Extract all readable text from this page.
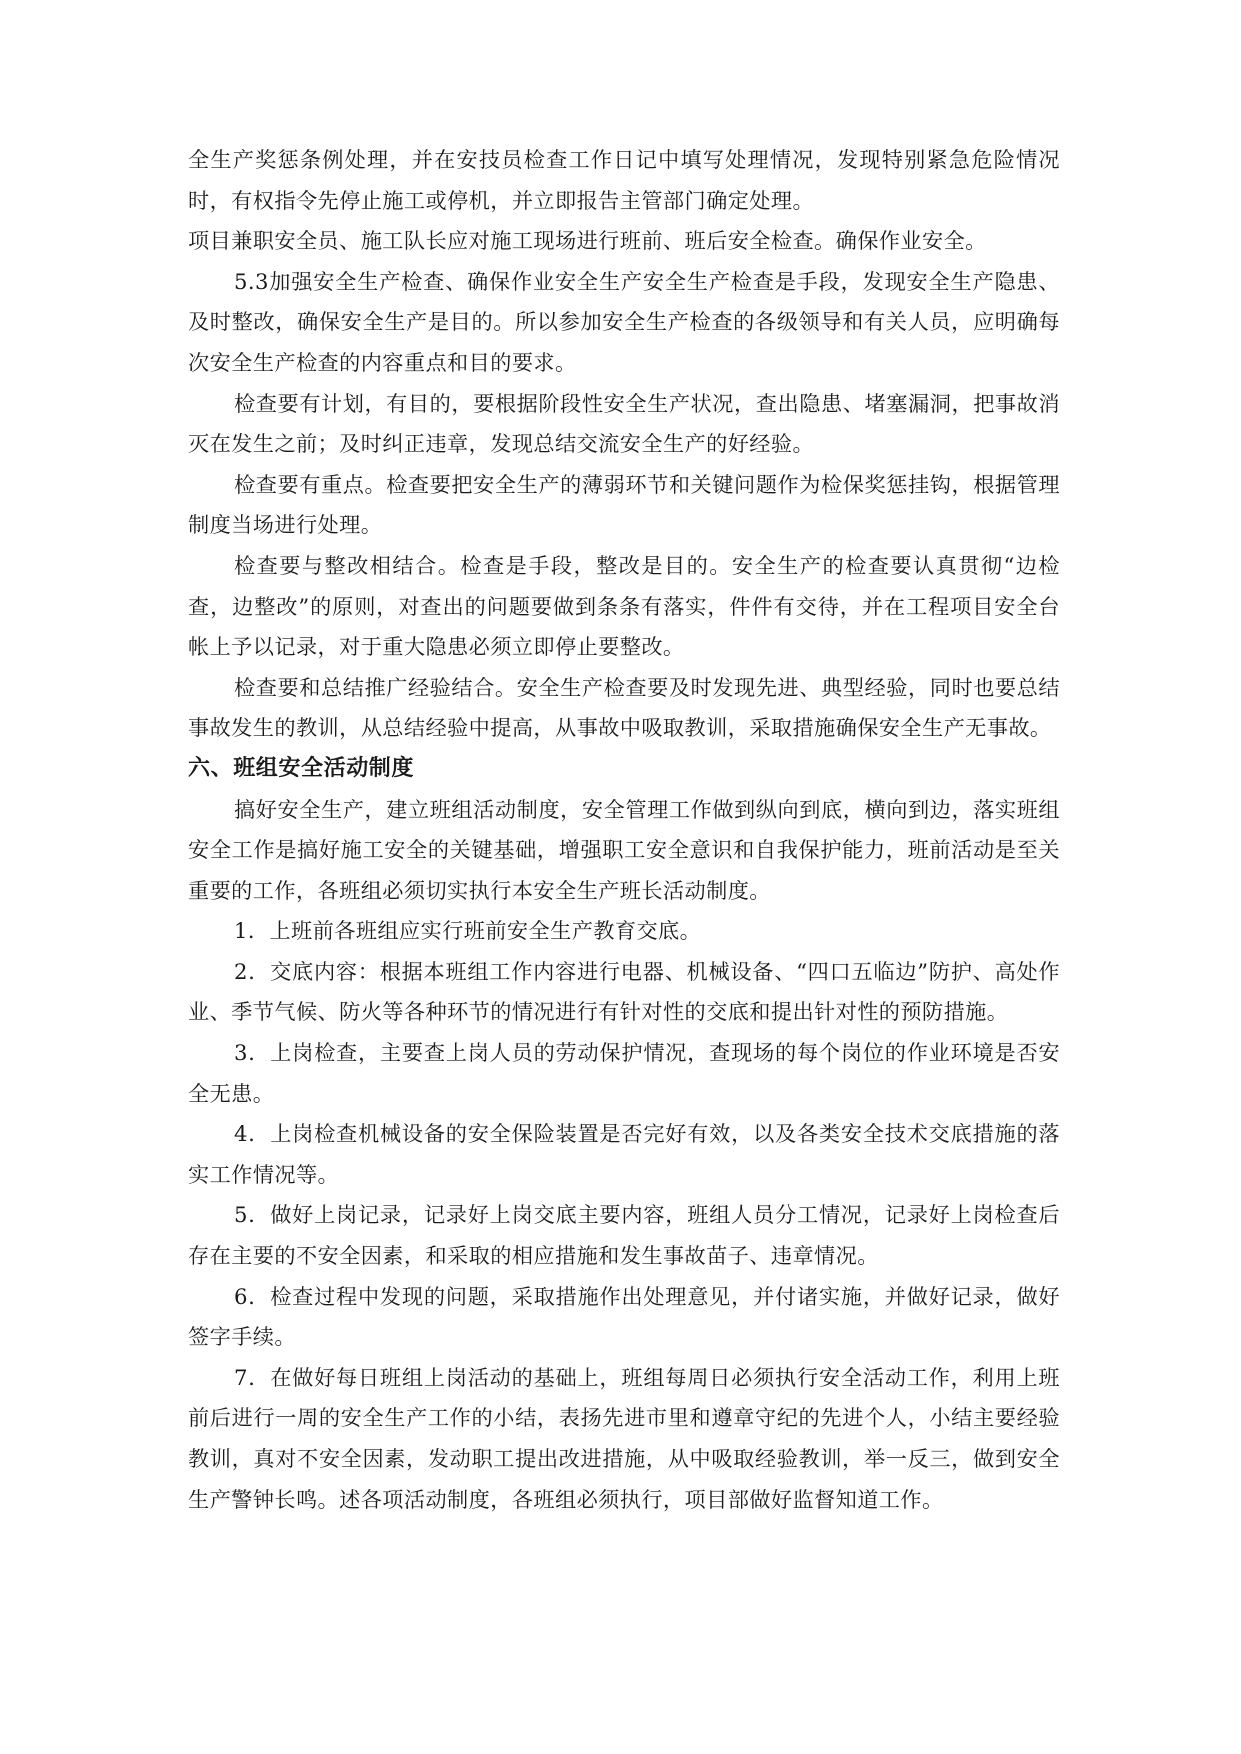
全生产奖惩条例处理，并在安技员检查工作日记中填写处理情况，发现特别紧急危险情况时，有权指令先停止施工或停机，并立即报告主管部门确定处理。

项目兼职安全员、施工队长应对施工现场进行班前、班后安全检查。确保作业安全。

5.3加强安全生产检查、确保作业安全生产安全生产检查是手段，发现安全生产隐患、及时整改，确保安全生产是目的。所以参加安全生产检查的各级领导和有关人员，应明确每次安全生产检查的内容重点和目的要求。

检查要有计划，有目的，要根据阶段性安全生产状况，查出隐患、堵塞漏洞，把事故消灭在发生之前；及时纠正违章，发现总结交流安全生产的好经验。

检查要有重点。检查要把安全生产的薄弱环节和关键问题作为检保奖惩挂钩，根据管理制度当场进行处理。

检查要与整改相结合。检查是手段，整改是目的。安全生产的检查要认真贯彻“边检查，边整改”的原则，对查出的问题要做到条条有落实，件件有交待，并在工程项目安全台帐上予以记录，对于重大隐患必须立即停止要整改。

检查要和总结推广经验结合。安全生产检查要及时发现先进、典型经验，同时也要总结事故发生的教训，从总结经验中提高，从事故中吸取教训，采取措施确保安全生产无事故。

六、班组安全活动制度

搞好安全生产，建立班组活动制度，安全管理工作做到纵向到底，横向到边，落实班组安全工作是搞好施工安全的关键基础，增强职工安全意识和自我保护能力，班前活动是至关重要的工作，各班组必须切实执行本安全生产班长活动制度。

1．上班前各班组应实行班前安全生产教育交底。

2．交底内容：根据本班组工作内容进行电器、机械设备、“四口五临边”防护、高处作业、季节气候、防火等各种环节的情况进行有针对性的交底和提出针对性的预防措施。

3．上岗检查，主要查上岗人员的劳动保护情况，查现场的每个岗位的作业环境是否安全无患。

4．上岗检查机械设备的安全保险装置是否完好有效，以及各类安全技术交底措施的落实工作情况等。

5．做好上岗记录，记录好上岗交底主要内容，班组人员分工情况，记录好上岗检查后存在主要的不安全因素，和采取的相应措施和发生事故苗子、违章情况。

6．检查过程中发现的问题，采取措施作出处理意见，并付诸实施，并做好记录，做好签字手续。

7．在做好每日班组上岗活动的基础上，班组每周日必须执行安全活动工作，利用上班前后进行一周的安全生产工作的小结，表扬先进市里和遵章守纪的先进个人，小结主要经验教训，真对不安全因素，发动职工提出改进措施，从中吸取经验教训，举一反三，做到安全生产警钟长鸣。述各项活动制度，各班组必须执行，项目部做好监督知道工作。
